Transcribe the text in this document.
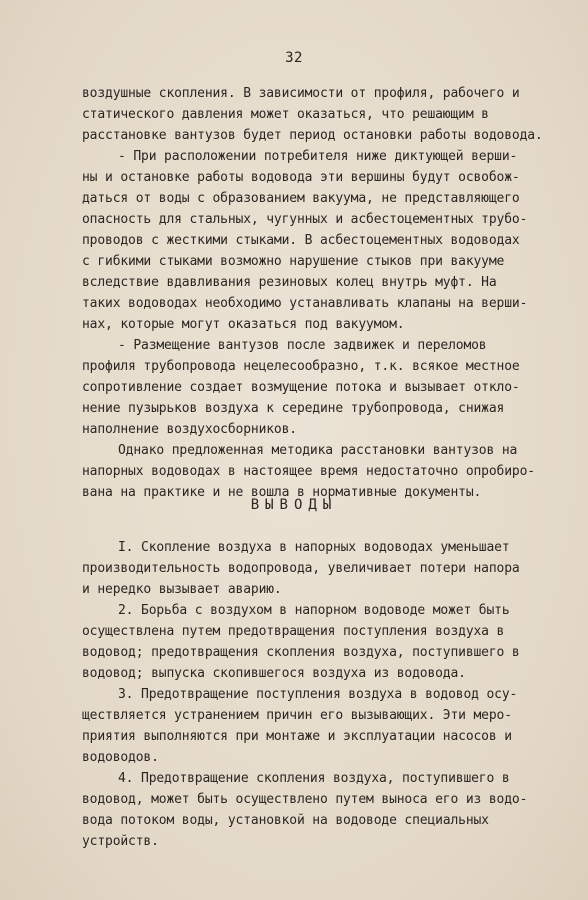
32
воздушные скопления. В зависимости от профиля, рабочего и
статического давления может оказаться, что решающим в
расстановке вантузов будет период остановки работы водовода.
- При расположении потребителя ниже диктующей верши-
ны и остановке работы водовода эти вершины будут освобож-
даться от воды с образованием вакуума, не представляющего
опасность для стальных, чугунных и асбестоцементных трубо-
проводов с жесткими стыками. В асбестоцементных водоводах
с гибкими стыками возможно нарушение стыков при вакууме
вследствие вдавливания резиновых колец внутрь муфт. На
таких водоводах необходимо устанавливать клапаны на верши-
нах, которые могут оказаться под вакуумом.
- Размещение вантузов после задвижек и переломов
профиля трубопровода нецелесообразно, т.к. всякое местное
сопротивление создает возмущение потока и вызывает откло-
нение пузырьков воздуха к середине трубопровода, снижая
наполнение воздухосборников.
Однако предложенная методика расстановки вантузов на
напорных водоводах в настоящее время недостаточно опробиро-
вана на практике и не вошла в нормативные документы.
ВЫВОДЫ
I. Скопление воздуха в напорных водоводах уменьшает
производительность водопровода, увеличивает потери напора
и нередко вызывает аварию.
2. Борьба с воздухом в напорном водоводе может быть
осуществлена путем предотвращения поступления воздуха в
водовод; предотвращения скопления воздуха, поступившего в
водовод; выпуска скопившегося воздуха из водовода.
3. Предотвращение поступления воздуха в водовод осу-
ществляется устранением причин его вызывающих. Эти меро-
приятия выполняются при монтаже и эксплуатации насосов и
водоводов.
4. Предотвращение скопления воздуха, поступившего в
водовод, может быть осуществлено путем выноса его из водо-
вода потоком воды, установкой на водоводе специальных
устройств.
